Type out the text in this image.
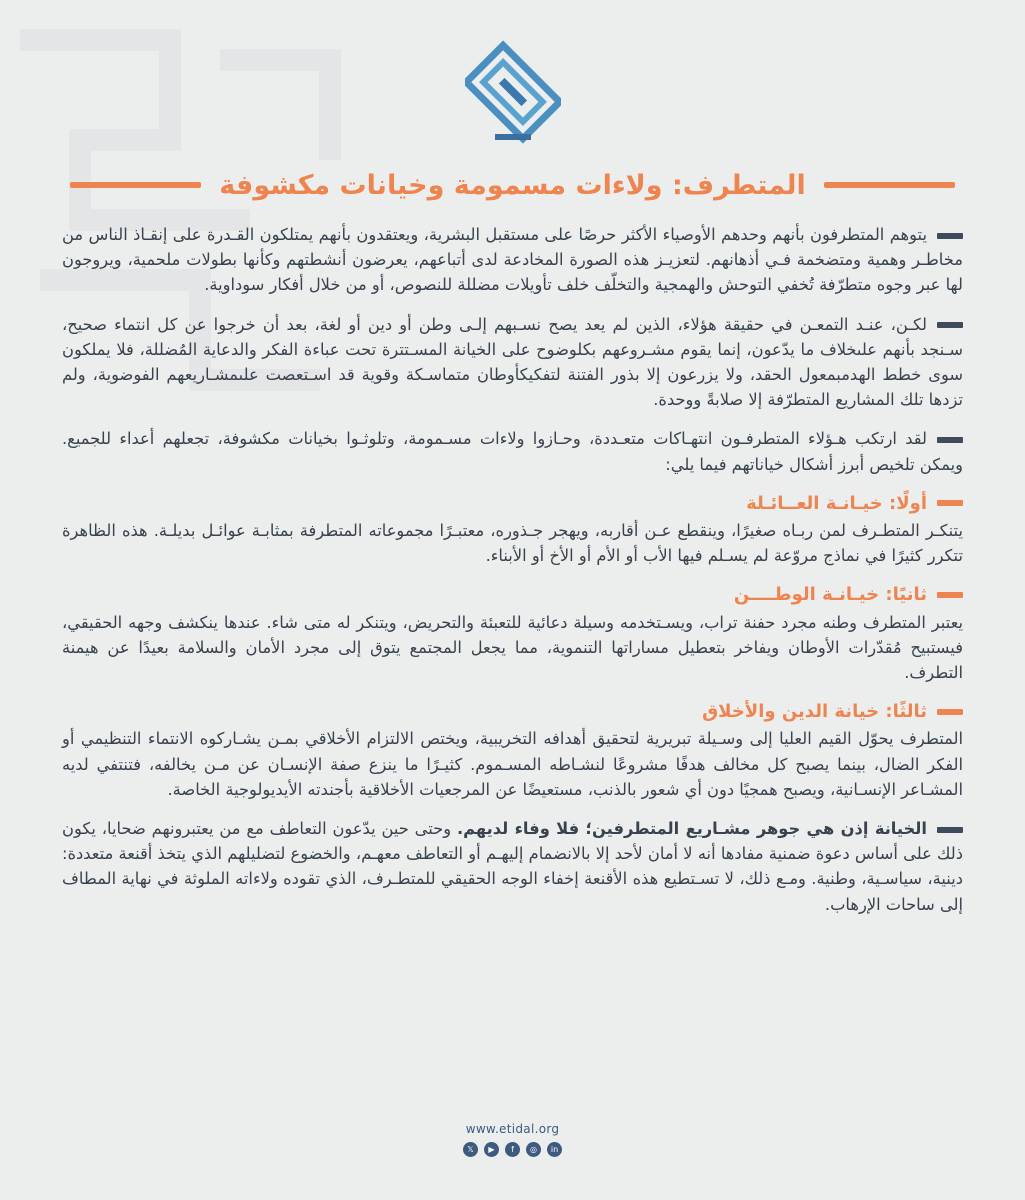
المتطرف: ولاءات مسمومة وخيانات مكشوفة

يتوهم المتطرفون بأنهم وحدهم الأوصياء الأكثر حرصًا على مستقبل البشرية، ويعتقدون بأنهم يمتلكون القـدرة على إنقـاذ الناس من مخاطـر وهمية ومتضخمة فـي أذهانهم. لتعزيـز هذه الصورة المخادعة لدى أتباعهم، يعرضون أنشطتهم وكأنها بطولات ملحمية، ويروجون لها عبر وجوه متطرّفة تُخفي التوحش والهمجية والتخلّف خلف تأويلات مضللة للنصوص، أو من خلال أفكار سوداوية.

لكـن، عنـد التمعـن في حقيقة هؤلاء، الذين لم يعد يصح نسـبهم إلـى وطن أو دين أو لغة، بعد أن خرجوا عن كل انتماء صحيح، سـنجد بأنهم علىخلاف ما يدّعون، إنما يقوم مشـروعهم بكلوضوح على الخيانة المسـتترة تحت عباءة الفكر والدعاية المُضللة، فلا يملكون سوى خطط الهدمبمعول الحقد، ولا يزرعون إلا بذور الفتنة لتفكيكأوطان متماسـكة وقوية قد اسـتعصت علىمشـاريعهم الفوضوية، ولم تزدها تلك المشاريع المتطرّفة إلا صلابةً ووحدة.

لقد ارتكب هـؤلاء المتطرفـون انتهـاكات متعـددة، وحـازوا ولاءات مسـمومة، وتلوثـوا بخيانات مكشوفة، تجعلهم أعداء للجميع. ويمكن تلخيص أبرز أشكال خياناتهم فيما يلي:

أولًا: خيـانـة العــائـلة

يتنكـر المتطـرف لمن ربـاه صغيرًا، وينقطع عـن أقاربه، ويهجر جـذوره، معتبـرًا مجموعاته المتطرفة بمثابـة عوائـل بديلـة. هذه الظاهرة تتكرر كثيرًا في نماذج مروّعة لم يسـلم فيها الأب أو الأم أو الأخ أو الأبناء.

ثانيًا: خيـانـة الوطــــن

يعتبر المتطرف وطنه مجرد حفنة تراب، ويسـتخدمه وسيلة دعائية للتعبئة والتحريض، ويتنكر له متى شاء. عندها ينكشف وجهه الحقيقي، فيستبيح مُقدّرات الأوطان ويفاخر بتعطيل مساراتها التنموية، مما يجعل المجتمع يتوق إلى مجرد الأمان والسلامة بعيدًا عن هيمنة التطرف.

ثالثًا: خيانة الدين والأخلاق

المتطرف يحوّل القيم العليا إلى وسـيلة تبريرية لتحقيق أهدافه التخريبية، ويختص الالتزام الأخلاقي بمـن يشـاركوه الانتماء التنظيمي أو الفكر الضال، بينما يصبح كل مخالف هدفًا مشروعًا لنشـاطه المسـموم. كثيـرًا ما ينزع صفة الإنسـان عن مـن يخالفه، فتنتفي لديه المشـاعر الإنسـانية، ويصبح همجيًا دون أي شعور بالذنب، مستعيضًا عن المرجعيات الأخلاقية بأجندته الأيديولوجية الخاصة.

الخيانة إذن هي جوهر مشـاريع المتطرفين؛ فلا وفاء لديهم. وحتى حين يدّعون التعاطف مع من يعتبرونهم ضحايا، يكون ذلك على أساس دعوة ضمنية مفادها أنه لا أمان لأحد إلا بالانضمام إليهـم أو التعاطف معهـم، والخضوع لتضليلهم الذي يتخذ أقنعة متعددة: دينية، سياسـية، وطنية. ومـع ذلك، لا تسـتطيع هذه الأقنعة إخفاء الوجه الحقيقي للمتطـرف، الذي تقوده ولاءاته الملوثة في نهاية المطاف إلى ساحات الإرهاب.

www.etidal.org
𝕏	▶	f	◎	in
